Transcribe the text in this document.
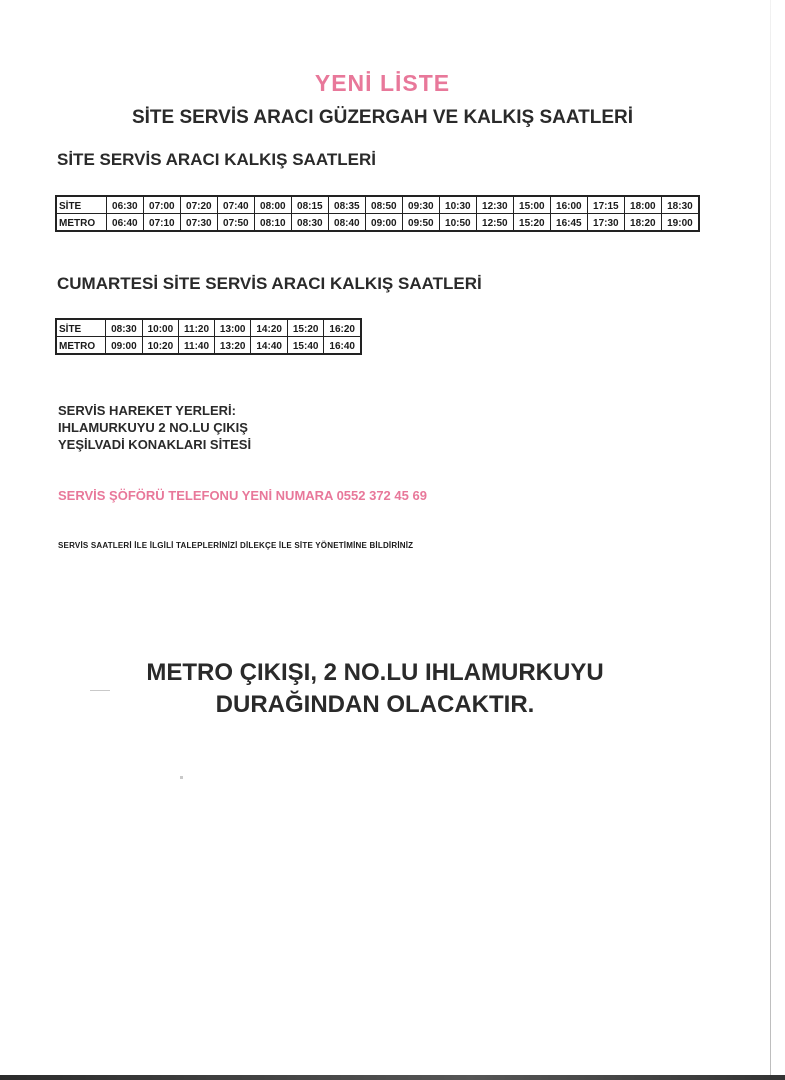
YENİ LİSTE
SİTE SERVİS ARACI GÜZERGAH VE KALKIŞ SAATLERİ
SİTE SERVİS ARACI KALKIŞ SAATLERİ
SİTE	06:30	07:00	07:20	07:40	08:00	08:15	08:35	08:50	09:30	10:30	12:30	15:00	16:00	17:15	18:00	18:30
METRO	06:40	07:10	07:30	07:50	08:10	08:30	08:40	09:00	09:50	10:50	12:50	15:20	16:45	17:30	18:20	19:00
CUMARTESİ SİTE SERVİS ARACI KALKIŞ SAATLERİ
SİTE	08:30	10:00	11:20	13:00	14:20	15:20	16:20
METRO	09:00	10:20	11:40	13:20	14:40	15:40	16:40
SERVİS HAREKET YERLERİ:
IHLAMURKUYU 2 NO.LU ÇIKIŞ
YEŞİLVADİ KONAKLARI SİTESİ
SERVİS ŞÖFÖRÜ TELEFONU YENİ NUMARA 0552 372 45 69
SERVİS SAATLERİ İLE İLGİLİ TALEPLERİNİZİ DİLEKÇE İLE SİTE YÖNETİMİNE BİLDİRİNİZ
METRO ÇIKIŞI, 2 NO.LU IHLAMURKUYU
DURAĞINDAN OLACAKTIR.
